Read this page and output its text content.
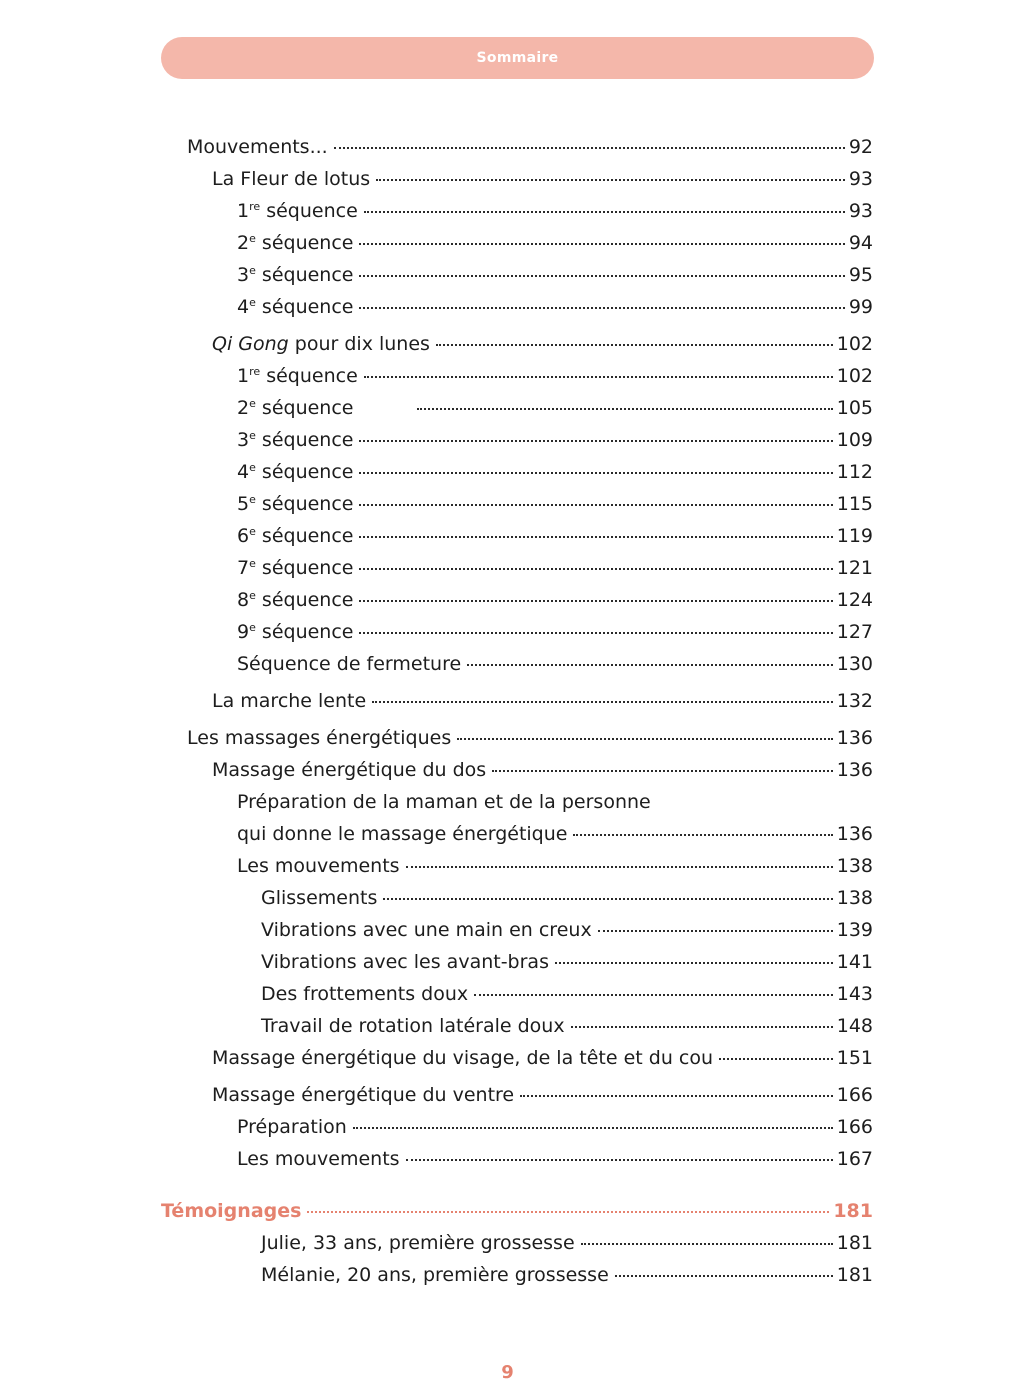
Sommaire
Mouvements...	92
La Fleur de lotus	93
1re séquence	93
2e séquence	94
3e séquence	95
4e séquence	99
Qi Gong pour dix lunes	102
1re séquence	102
2e séquence	105
3e séquence	109
4e séquence	112
5e séquence	115
6e séquence	119
7e séquence	121
8e séquence	124
9e séquence	127
Séquence de fermeture	130
La marche lente	132
Les massages énergétiques	136
Massage énergétique du dos	136
Préparation de la maman et de la personne
qui donne le massage énergétique	136
Les mouvements	138
Glissements	138
Vibrations avec une main en creux	139
Vibrations avec les avant-bras	141
Des frottements doux	143
Travail de rotation latérale doux	148
Massage énergétique du visage, de la tête et du cou	151
Massage énergétique du ventre	166
Préparation	166
Les mouvements	167
Témoignages	181
Julie, 33 ans, première grossesse	181
Mélanie, 20 ans, première grossesse	181
9
